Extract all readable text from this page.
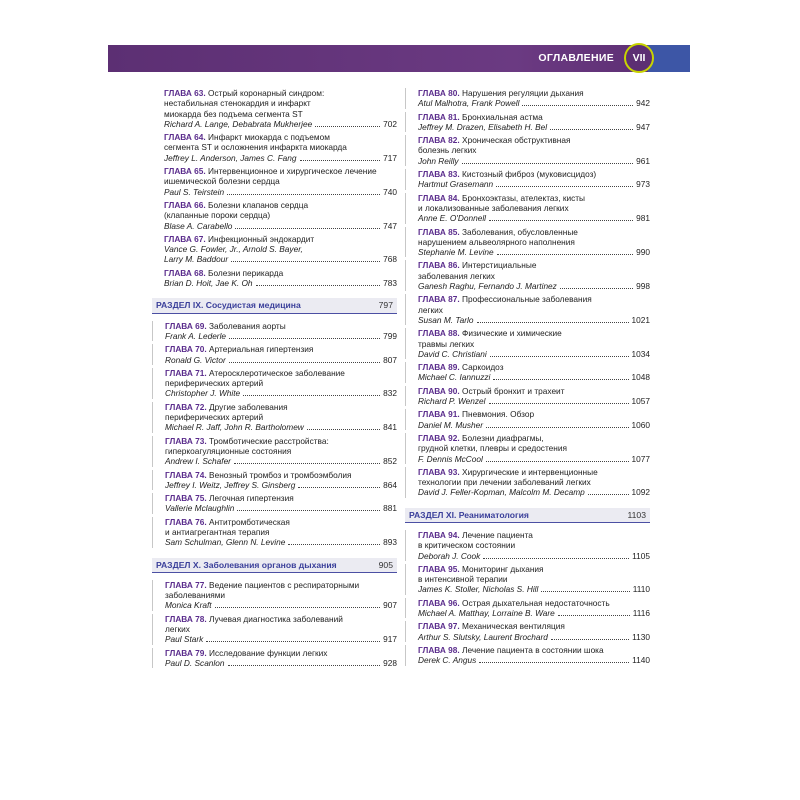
ОГЛАВЛЕНИЕ	VII
ГЛАВА 63. Острый коронарный синдром:
нестабильная стенокардия и инфаркт
миокарда без подъема сегмента ST
Richard A. Lange, Debabrata Mukherjee	702
ГЛАВА 64. Инфаркт миокарда с подъемом
сегмента ST и осложнения инфаркта миокарда
Jeffrey L. Anderson, James C. Fang	717
ГЛАВА 65. Интервенционное и хирургическое лечение
ишемической болезни сердца
Paul S. Teirstein	740
ГЛАВА 66. Болезни клапанов сердца
(клапанные пороки сердца)
Blase A. Carabello	747
ГЛАВА 67. Инфекционный эндокардит
Vance G. Fowler, Jr., Arnold S. Bayer,
Larry M. Baddour	768
ГЛАВА 68. Болезни перикарда
Brian D. Hoit, Jae K. Oh	783
РАЗДЕЛ IX. Сосудистая медицина	797
ГЛАВА 69. Заболевания аорты
Frank A. Lederle	799
ГЛАВА 70. Артериальная гипертензия
Ronald G. Victor	807
ГЛАВА 71. Атеросклеротическое заболевание
периферических артерий
Christopher J. White	832
ГЛАВА 72. Другие заболевания
периферических артерий
Michael R. Jaff, John R. Bartholomew	841
ГЛАВА 73. Тромботические расстройства:
гиперкоагуляционные состояния
Andrew I. Schafer	852
ГЛАВА 74. Венозный тромбоз и тромбоэмболия
Jeffrey I. Weitz, Jeffrey S. Ginsberg	864
ГЛАВА 75. Легочная гипертензия
Vallerie Mclaughlin	881
ГЛАВА 76. Антитромботическая
и антиагрегантная терапия
Sam Schulman, Glenn N. Levine	893
РАЗДЕЛ X. Заболевания органов дыхания	905
ГЛАВА 77. Ведение пациентов с респираторными
заболеваниями
Monica Kraft	907
ГЛАВА 78. Лучевая диагностика заболеваний
легких
Paul Stark	917
ГЛАВА 79. Исследование функции легких
Paul D. Scanlon	928
ГЛАВА 80. Нарушения регуляции дыхания
Atul Malhotra, Frank Powell	942
ГЛАВА 81. Бронхиальная астма
Jeffrey M. Drazen, Elisabeth H. Bel	947
ГЛАВА 82. Хроническая обструктивная
болезнь легких
John Reilly	961
ГЛАВА 83. Кистозный фиброз (муковисцидоз)
Hartmut Grasemann	973
ГЛАВА 84. Бронхоэктазы, ателектаз, кисты
и локализованные заболевания легких
Anne E. O'Donnell	981
ГЛАВА 85. Заболевания, обусловленные
нарушением альвеолярного наполнения
Stephanie M. Levine	990
ГЛАВА 86. Интерстициальные
заболевания легких
Ganesh Raghu, Fernando J. Martinez	998
ГЛАВА 87. Профессиональные заболевания
легких
Susan M. Tarlo	1021
ГЛАВА 88. Физические и химические
травмы легких
David C. Christiani	1034
ГЛАВА 89. Саркоидоз
Michael C. Iannuzzi	1048
ГЛАВА 90. Острый бронхит и трахеит
Richard P. Wenzel	1057
ГЛАВА 91. Пневмония. Обзор
Daniel M. Musher	1060
ГЛАВА 92. Болезни диафрагмы,
грудной клетки, плевры и средостения
F. Dennis McCool	1077
ГЛАВА 93. Хирургические и интервенционные
технологии при лечении заболеваний легких
David J. Feller-Kopman, Malcolm M. Decamp	1092
РАЗДЕЛ XI. Реаниматология	1103
ГЛАВА 94. Лечение пациента
в критическом состоянии
Deborah J. Cook	1105
ГЛАВА 95. Мониторинг дыхания
в интенсивной терапии
James K. Stoller, Nicholas S. Hill	1110
ГЛАВА 96. Острая дыхательная недостаточность
Michael A. Matthay, Lorraine B. Ware	1116
ГЛАВА 97. Механическая вентиляция
Arthur S. Slutsky, Laurent Brochard	1130
ГЛАВА 98. Лечение пациента в состоянии шока
Derek C. Angus	1140
